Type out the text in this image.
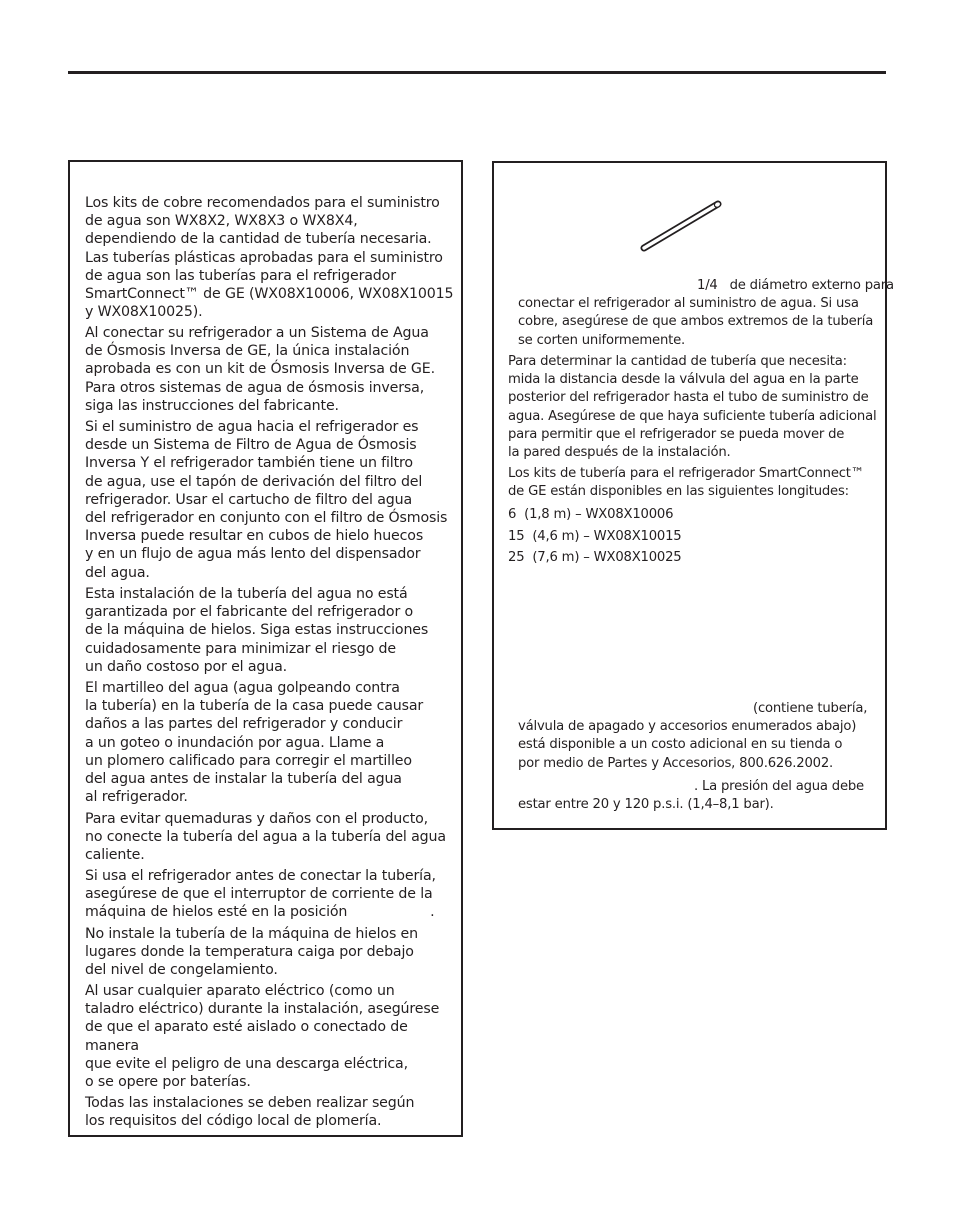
Los kits de cobre recomendados para el suministro
de agua son WX8X2, WX8X3 o WX8X4,
dependiendo de la cantidad de tubería necesaria.
Las tuberías plásticas aprobadas para el suministro
de agua son las tuberías para el refrigerador
SmartConnect™ de GE (WX08X10006, WX08X10015
y WX08X10025).
Al conectar su refrigerador a un Sistema de Agua
de Ósmosis Inversa de GE, la única instalación
aprobada es con un kit de Ósmosis Inversa de GE.
Para otros sistemas de agua de ósmosis inversa,
siga las instrucciones del fabricante.
Si el suministro de agua hacia el refrigerador es
desde un Sistema de Filtro de Agua de Ósmosis
Inversa Y el refrigerador también tiene un filtro
de agua, use el tapón de derivación del filtro del
refrigerador. Usar el cartucho de filtro del agua
del refrigerador en conjunto con el filtro de Ósmosis
Inversa puede resultar en cubos de hielo huecos
y en un flujo de agua más lento del dispensador
del agua.
Esta instalación de la tubería del agua no está
garantizada por el fabricante del refrigerador o
de la máquina de hielos. Siga estas instrucciones
cuidadosamente para minimizar el riesgo de
un daño costoso por el agua.
El martilleo del agua (agua golpeando contra
la tubería) en la tubería de la casa puede causar
daños a las partes del refrigerador y conducir
a un goteo o inundación por agua. Llame a
un plomero calificado para corregir el martilleo
del agua antes de instalar la tubería del agua
al refrigerador.
Para evitar quemaduras y daños con el producto,
no conecte la tubería del agua a la tubería del agua
caliente.
Si usa el refrigerador antes de conectar la tubería,
asegúrese de que el interruptor de corriente de la
máquina de hielos esté en la posición                   .
No instale la tubería de la máquina de hielos en
lugares donde la temperatura caiga por debajo
del nivel de congelamiento.
Al usar cualquier aparato eléctrico (como un
taladro eléctrico) durante la instalación, asegúrese
de que el aparato esté aislado o conectado de
manera
que evite el peligro de una descarga eléctrica,
o se opere por baterías.
Todas las instalaciones se deben realizar según
los requisitos del código local de plomería.
1/4   de diámetro externo para
conectar el refrigerador al suministro de agua. Si usa
cobre, asegúrese de que ambos extremos de la tubería
se corten uniformemente.
Para determinar la cantidad de tubería que necesita:
mida la distancia desde la válvula del agua en la parte
posterior del refrigerador hasta el tubo de suministro de
agua. Asegúrese de que haya suficiente tubería adicional
para permitir que el refrigerador se pueda mover de
la pared después de la instalación.
Los kits de tubería para el refrigerador SmartConnect™
de GE están disponibles en las siguientes longitudes:
6  (1,8 m) – WX08X10006
15  (4,6 m) – WX08X10015
25  (7,6 m) – WX08X10025
(contiene tubería,
válvula de apagado y accesorios enumerados abajo)
está disponible a un costo adicional en su tienda o
por medio de Partes y Accesorios, 800.626.2002.
. La presión del agua debe
estar entre 20 y 120 p.s.i. (1,4–8,1 bar).
